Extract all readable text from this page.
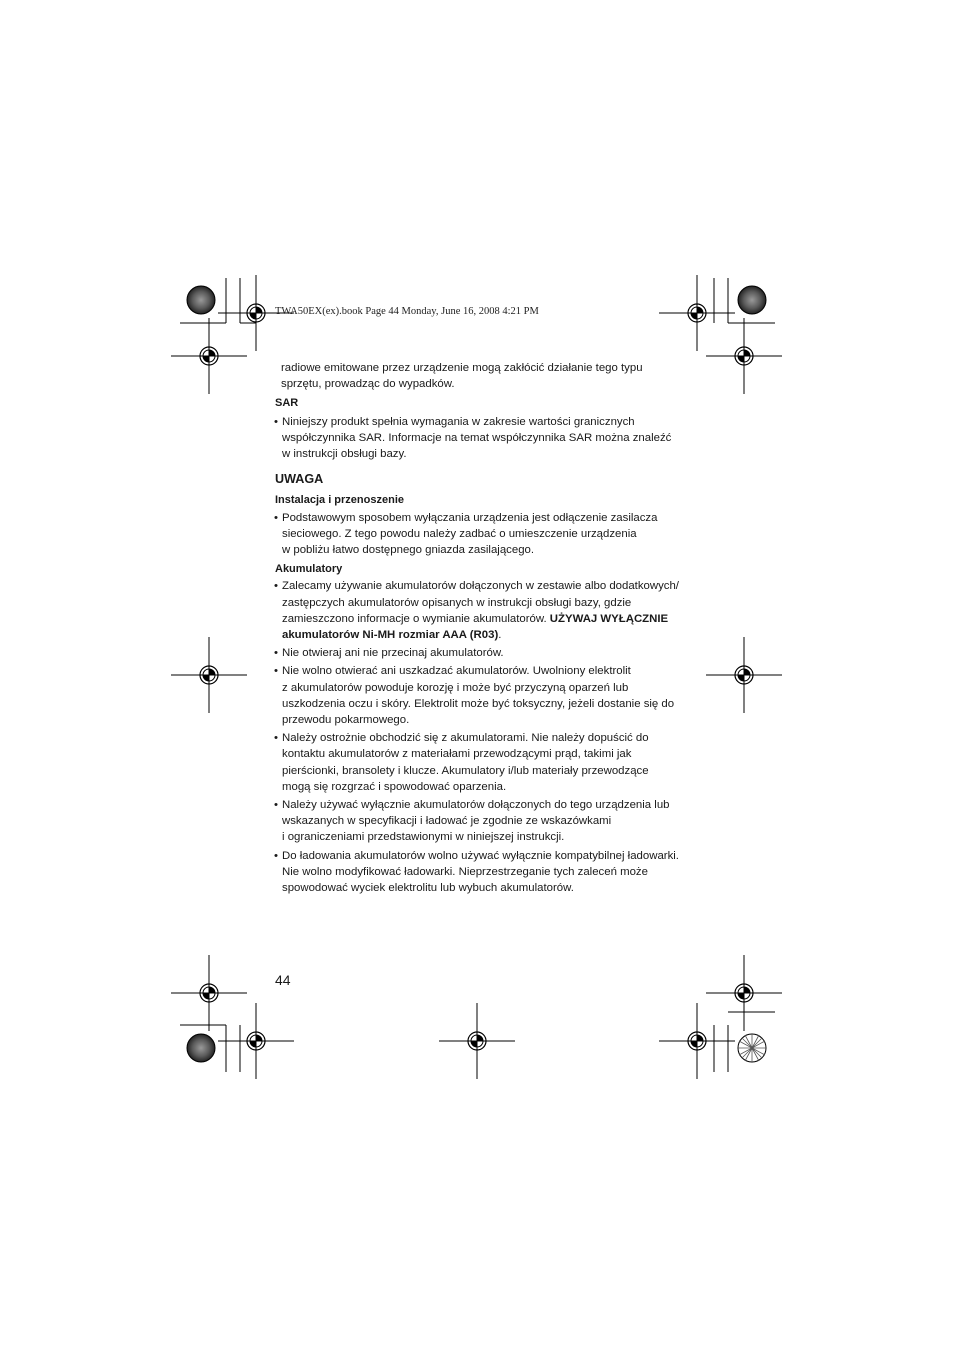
TWA50EX(ex).book Page 44 Monday, June 16, 2008 4:21 PM

radiowe emitowane przez urządzenie mogą zakłócić działanie tego typu

sprzętu, prowadząc do wypadków.

SAR
• Niniejszy produkt spełnia wymagania w zakresie wartości granicznych
współczynnika SAR. Informacje na temat współczynnika SAR można znaleźć
w instrukcji obsługi bazy.
UWAGA
Instalacja i przenoszenie
• Podstawowym sposobem wyłączania urządzenia jest odłączenie zasilacza
sieciowego. Z tego powodu należy zadbać o umieszczenie urządzenia
w pobliżu łatwo dostępnego gniazda zasilającego.
Akumulatory
• Zalecamy używanie akumulatorów dołączonych w zestawie albo dodatkowych/
zastępczych akumulatorów opisanych w instrukcji obsługi bazy, gdzie
zamieszczono informacje o wymianie akumulatorów. UŻYWAJ WYŁĄCZNIE
akumulatorów Ni-MH rozmiar AAA (R03).
• Nie otwieraj ani nie przecinaj akumulatorów.
• Nie wolno otwierać ani uszkadzać akumulatorów. Uwolniony elektrolit
z akumulatorów powoduje korozję i może być przyczyną oparzeń lub
uszkodzenia oczu i skóry. Elektrolit może być toksyczny, jeżeli dostanie się do
przewodu pokarmowego.
• Należy ostrożnie obchodzić się z akumulatorami. Nie należy dopuścić do
kontaktu akumulatorów z materiałami przewodzącymi prąd, takimi jak
pierścionki, bransolety i klucze. Akumulatory i/lub materiały przewodzące
mogą się rozgrzać i spowodować oparzenia.
• Należy używać wyłącznie akumulatorów dołączonych do tego urządzenia lub
wskazanych w specyfikacji i ładować je zgodnie ze wskazówkami
i ograniczeniami przedstawionymi w niniejszej instrukcji.
• Do ładowania akumulatorów wolno używać wyłącznie kompatybilnej ładowarki.
Nie wolno modyfikować ładowarki. Nieprzestrzeganie tych zaleceń może
spowodować wyciek elektrolitu lub wybuch akumulatorów.
44
